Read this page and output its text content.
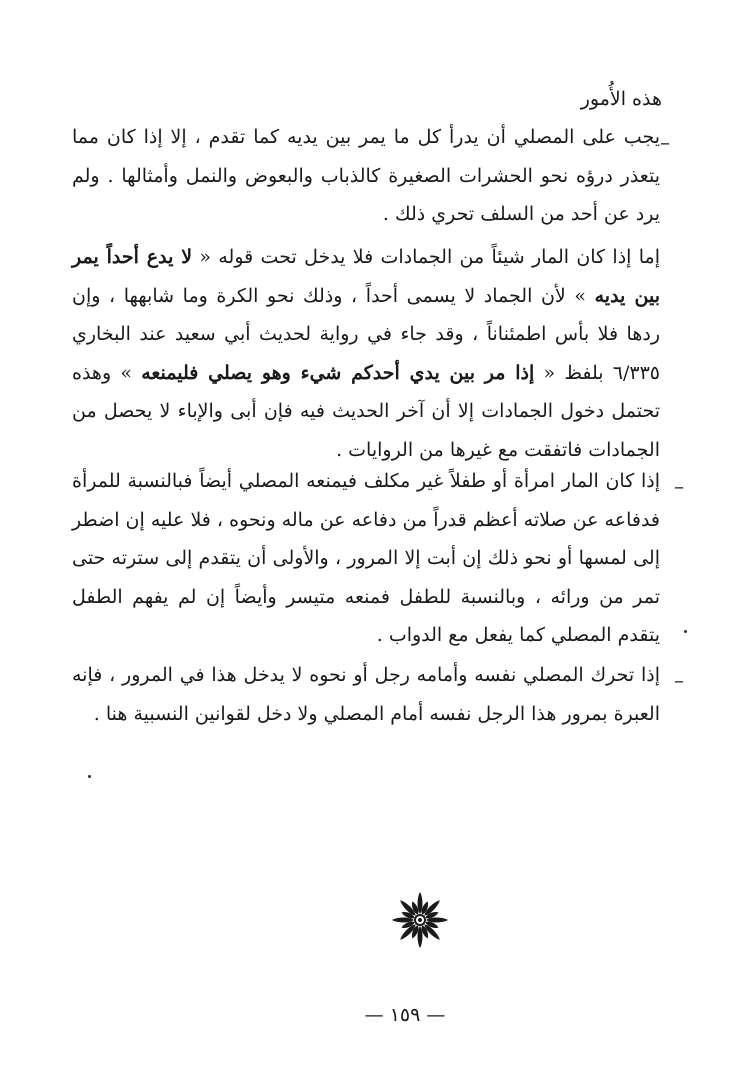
هذه الأُمور
–

يجب على المصلي أن يدرأ كل ما يمر بين يديه كما تقدم ، إلا إذا كان مما يتعذر درؤه نحو الحشرات الصغيرة كالذباب والبعوض والنمل وأمثالها . ولم يرد عن أحد من السلف تحري ذلك .

إما إذا كان المار شيئاً من الجمادات فلا يدخل تحت قوله « لا يدع أحداً يمر بين يديه » لأن الجماد لا يسمى أحداً ، وذلك نحو الكرة وما شابهها ، وإن ردها فلا بأس اطمئناناً ، وقد جاء في رواية لحديث أبي سعيد عند البخاري ٦/٣٣٥ بلفظ « إذا مر بين يدي أحدكم شيء وهو يصلي فليمنعه » وهذه تحتمل دخول الجمادات إلا أن آخر الحديث فيه فإن أبى والإباء لا يحصل من الجمادات فاتفقت مع غيرها من الروايات .

–

إذا كان المار امرأة أو طفلاً غير مكلف فيمنعه المصلي أيضاً فبالنسبة للمرأة فدفاعه عن صلاته أعظم قدراً من دفاعه عن ماله ونحوه ، فلا عليه إن اضطر إلى لمسها أو نحو ذلك إن أبت إلا المرور ، والأولى أن يتقدم إلى سترته حتى تمر من ورائه ، وبالنسبة للطفل فمنعه متيسر وأيضاً إن لم يفهم الطفل يتقدم المصلي كما يفعل مع الدواب .

–

إذا تحرك المصلي نفسه وأمامه رجل أو نحوه لا يدخل هذا في المرور ، فإنه العبرة بمرور هذا الرجل نفسه أمام المصلي ولا دخل لقوانين النسبية هنا .

— ١٥٩ —
